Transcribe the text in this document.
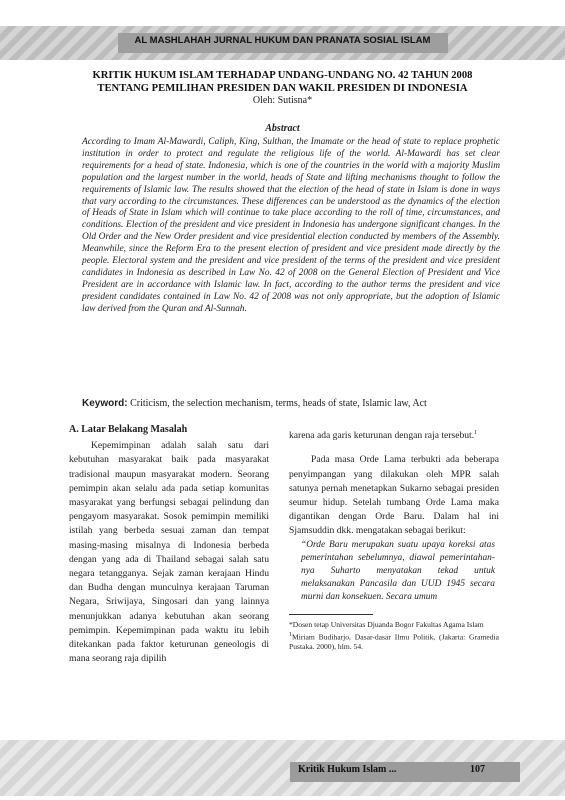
AL MASHLAHAH JURNAL HUKUM DAN PRANATA SOSIAL ISLAM
KRITIK HUKUM ISLAM TERHADAP UNDANG-UNDANG NO. 42 TAHUN 2008
TENTANG PEMILIHAN PRESIDEN DAN WAKIL PRESIDEN DI INDONESIA
Oleh: Sutisna*
Abstract
According to Imam Al-Mawardi, Caliph, King, Sulthan, the Imamate or the head of state to replace prophetic institution in order to protect and regulate the religious life of the world. Al-Mawardi has set clear requirements for a head of state. Indonesia, which is one of the countries in the world with a majority Muslim population and the largest number in the world, heads of State and lifting mechanisms thought to follow the requirements of Islamic law. The results showed that the election of the head of state in Islam is done in ways that vary according to the circumstances. These differences can be understood as the dynamics of the election of Heads of State in Islam which will continue to take place according to the roll of time, circumstances, and conditions. Election of the president and vice president in Indonesia has undergone significant changes. In the Old Order and the New Order president and vice presidential election conducted by members of the Assembly. Meanwhile, since the Reform Era to the present election of president and vice president made directly by the people. Electoral system and the president and vice president of the terms of the president and vice president candidates in Indonesia as described in Law No. 42 of 2008 on the General Election of President and Vice President are in accordance with Islamic law. In fact, according to the author terms the president and vice president candidates contained in Law No. 42 of 2008 was not only appropriate, but the adoption of Islamic law derived from the Quran and Al-Sunnah.
Keyword: Criticism, the selection mechanism, terms, heads of state, Islamic law, Act
A. Latar Belakang Masalah

Kepemimpinan adalah salah satu dari kebutuhan masyarakat baik pada masyarakat tradisional maupun masyarakat modern. Seorang pemimpin akan selalu ada pada setiap komunitas masyarakat yang berfungsi sebagai pelindung dan pengayom masyarakat. Sosok pemimpin memiliki istilah yang berbeda sesuai zaman dan tempat masing-masing misalnya di Indonesia berbeda dengan yang ada di Thailand sebagai salah satu negara tetangganya. Sejak zaman kerajaan Hindu dan Budha dengan munculnya kerajaan Taruman Negara, Sriwijaya, Singosari dan yang lainnya menunjukkan adanya kebutuhan akan seorang pemimpin. Kepemimpinan pada waktu itu lebih ditekankan pada faktor keturunan geneologis di mana seorang raja dipilih

karena ada garis keturunan dengan raja tersebut.$^1$

Pada masa Orde Lama terbukti ada beberapa penyimpangan yang dilakukan oleh MPR salah satunya pernah menetapkan Sukarno sebagai presiden seumur hidup. Setelah tumbang Orde Lama maka digantikan dengan Orde Baru. Dalam hal ini Sjamsuddin dkk. mengatakan sebagai berikut:

“Orde Baru merupakan suatu upaya koreksi atas pemerintahan sebelumnya, diawal pemerintahan-nya Suharto menyatakan tekad untuk melaksanakan Pancasila dan UUD 1945 secara murni dan konsekuen. Secara umum

*Dosen tetap Universitas Djuanda Bogor Fakultas Agama Islam
$^1$Miriam Budiharjo, Dasar-dasar Ilmu Politik, (Jakarta: Gramedia Pustaka. 2000), hlm. 54.
Kritik Hukum Islam ...	107
